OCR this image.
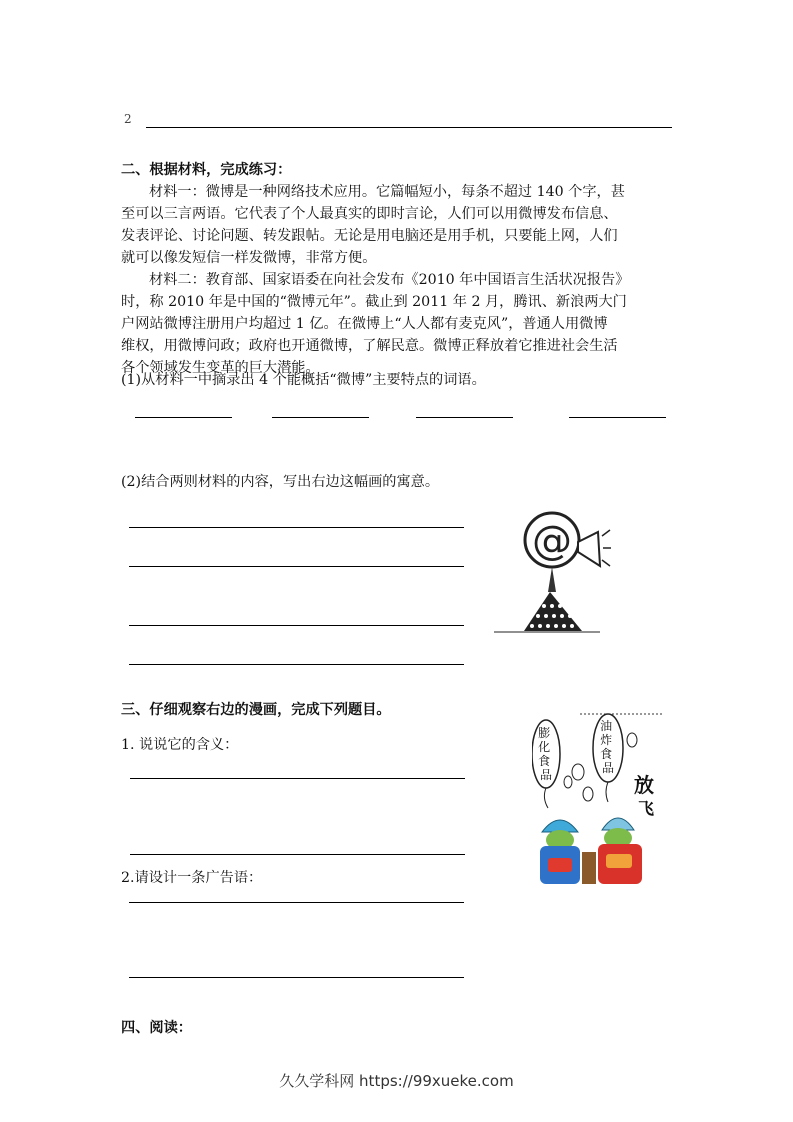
2
二、根据材料，完成练习：
材料一：微博是一种网络技术应用。它篇幅短小，每条不超过 140 个字，甚
至可以三言两语。它代表了个人最真实的即时言论，人们可以用微博发布信息、
发表评论、讨论问题、转发跟帖。无论是用电脑还是用手机，只要能上网，人们
就可以像发短信一样发微博，非常方便。
材料二：教育部、国家语委在向社会发布《2010 年中国语言生活状况报告》
时，称 2010 年是中国的“微博元年”。截止到 2011 年 2 月，腾讯、新浪两大门
户网站微博注册用户均超过 1 亿。在微博上“人人都有麦克风”，普通人用微博
维权，用微博问政；政府也开通微博，了解民意。微博正释放着它推进社会生活
各个领域发生变革的巨大潜能。
(1)从材料一中摘录出 4 个能概括“微博”主要特点的词语。
(2)结合两则材料的内容，写出右边这幅画的寓意。
@
三、仔细观察右边的漫画，完成下列题目。
1. 说说它的含义：
2.请设计一条广告语：
膨 化 食 品
油 炸 食 品
放
飞
四、阅读：
久久学科网 https://99xueke.com
